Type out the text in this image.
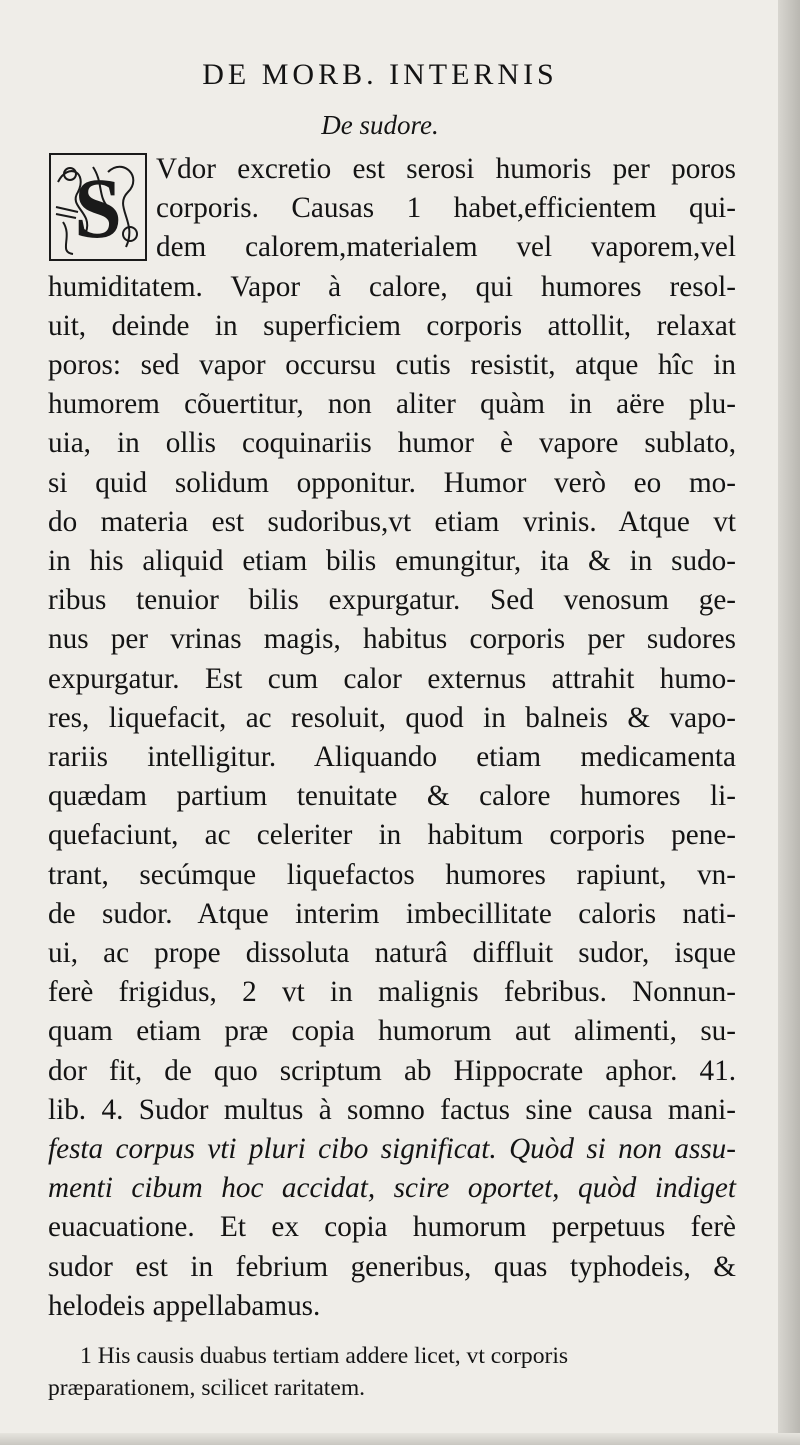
DE MORB. INTERNIS
De sudore.
S	Vdor excretio est serosi humoris per poros
corporis. Causas 1 habet,efficientem qui-
dem calorem,materialem vel vaporem,vel
humiditatem. Vapor à calore, qui humores resol-
uit, deinde in superficiem corporis attollit, relaxat
poros: sed vapor occursu cutis resistit, atque hîc in
humorem cõuertitur, non aliter quàm in aëre plu-
uia, in ollis coquinariis humor è vapore sublato,
si quid solidum opponitur. Humor verò eo mo-
do materia est sudoribus,vt etiam vrinis. Atque vt
in his aliquid etiam bilis emungitur, ita & in sudo-
ribus tenuior bilis expurgatur. Sed venosum ge-
nus per vrinas magis, habitus corporis per sudores
expurgatur. Est cum calor externus attrahit humo-
res, liquefacit, ac resoluit, quod in balneis & vapo-
rariis intelligitur. Aliquando etiam medicamenta
quædam partium tenuitate & calore humores li-
quefaciunt, ac celeriter in habitum corporis pene-
trant, secúmque liquefactos humores rapiunt, vn-
de sudor. Atque interim imbecillitate caloris nati-
ui, ac prope dissoluta naturâ diffluit sudor, isque
ferè frigidus, 2 vt in malignis febribus. Nonnun-
quam etiam præ copia humorum aut alimenti, su-
dor fit, de quo scriptum ab Hippocrate aphor. 41.
lib. 4. Sudor multus à somno factus sine causa mani-
festa corpus vti pluri cibo significat. Quòd si non assu-
menti cibum hoc accidat, scire oportet, quòd indiget
euacuatione. Et ex copia humorum perpetuus ferè
sudor est in febrium generibus, quas typhodeis, &
helodeis appellabamus.
1 His causis duabus tertiam addere licet, vt corporis
præparationem, scilicet raritatem.
